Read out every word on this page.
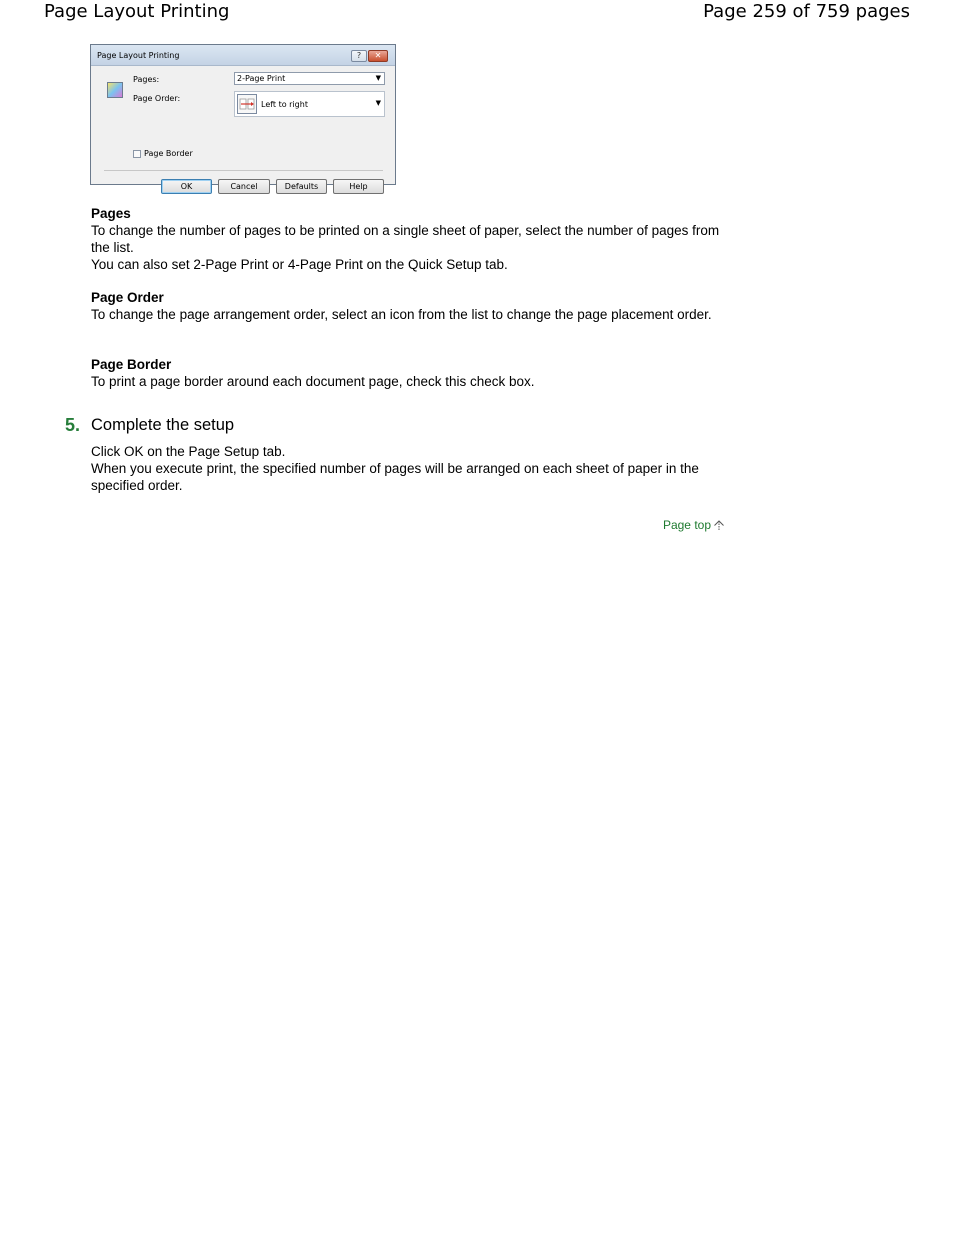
Page Layout Printing	Page 259 of 759 pages
Page Layout Printing	?	✕
Pages:	2-Page Print	▼
Page Order:
Left to right	▼
Page Border
OK	Cancel	Defaults	Help
Pages
To change the number of pages to be printed on a single sheet of paper, select the number of pages from the list.
You can also set 2-Page Print or 4-Page Print on the Quick Setup tab.
Page Order
To change the page arrangement order, select an icon from the list to change the page placement order.
Page Border
To print a page border around each document page, check this check box.
5. Complete the setup
Click OK on the Page Setup tab.
When you execute print, the specified number of pages will be arranged on each sheet of paper in the specified order.
Page top
